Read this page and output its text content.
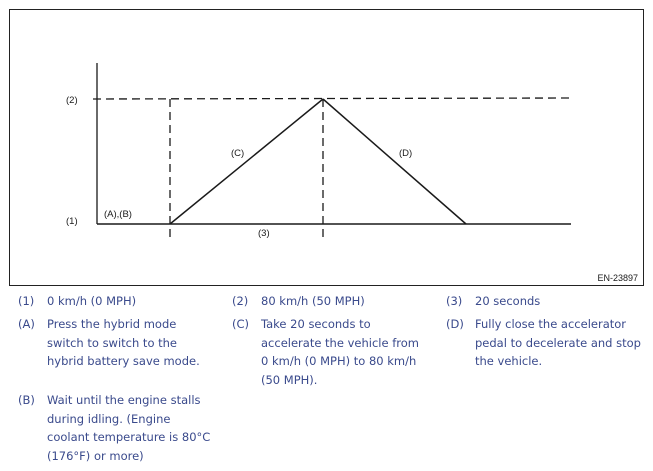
(2)
(1)
(A),(B)
(C)	(D)
(3)
EN-23897
(1)	0 km/h (0 MPH)	(2)	80 km/h (50 MPH)	(3)	20 seconds
(A)	Press the hybrid mode switch to switch to the hybrid battery save mode.
(C)	Take 20 seconds to accelerate the vehicle from 0 km/h (0 MPH) to 80 km/h (50 MPH).
(D) Fully close the accelerator pedal to decelerate and stop the vehicle.
(B)	Wait until the engine stalls during idling. (Engine coolant temperature is 80°C (176°F) or more)
